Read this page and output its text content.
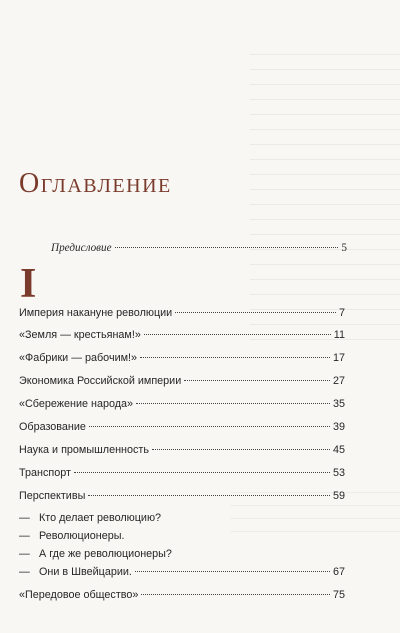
Оглавление
Предисловие	5
I
Империя накануне революции	7
«Земля — крестьянам!»	11
«Фабрики — рабочим!»	17
Экономика Российской империи	27
«Сбережение народа»	35
Образование	39
Наука и промышленность	45
Транспорт	53
Перспективы	59
— Кто делает революцию?
— Революционеры.
— А где же революционеры?
— Они в Швейцарии.	67
«Передовое общество»	75
